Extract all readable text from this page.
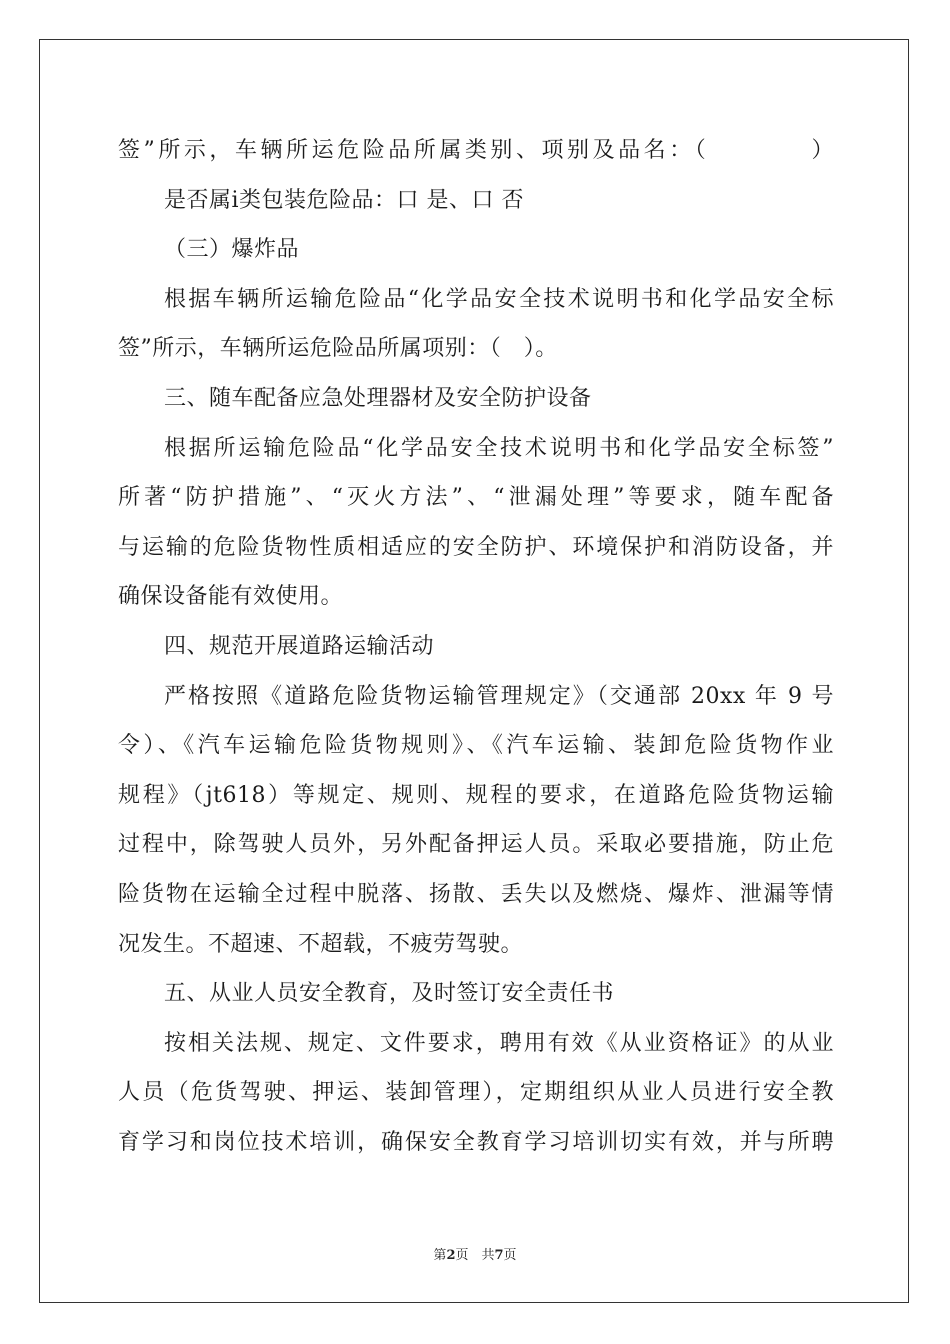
签”所示，车辆所运危险品所属类别、项别及品名：（　　　　）
是否属ⅰ类包装危险品：口 是、口 否
（三）爆炸品
根据车辆所运输危险品“化学品安全技术说明书和化学品安全标
签”所示，车辆所运危险品所属项别：（　）。
三、随车配备应急处理器材及安全防护设备
根据所运输危险品“化学品安全技术说明书和化学品安全标签”
所著“防护措施”、“灭火方法”、“泄漏处理”等要求，随车配备
与运输的危险货物性质相适应的安全防护、环境保护和消防设备，并
确保设备能有效使用。
四、规范开展道路运输活动
严格按照《道路危险货物运输管理规定》（交通部 20xx 年 9 号
令）、《汽车运输危险货物规则》、《汽车运输、装卸危险货物作业
规程》（jt618）等规定、规则、规程的要求，在道路危险货物运输
过程中，除驾驶人员外，另外配备押运人员。采取必要措施，防止危
险货物在运输全过程中脱落、扬散、丢失以及燃烧、爆炸、泄漏等情
况发生。不超速、不超载，不疲劳驾驶。
五、从业人员安全教育，及时签订安全责任书
按相关法规、规定、文件要求，聘用有效《从业资格证》的从业
人员（危货驾驶、押运、装卸管理），定期组织从业人员进行安全教
育学习和岗位技术培训，确保安全教育学习培训切实有效，并与所聘
第2页　共7页
